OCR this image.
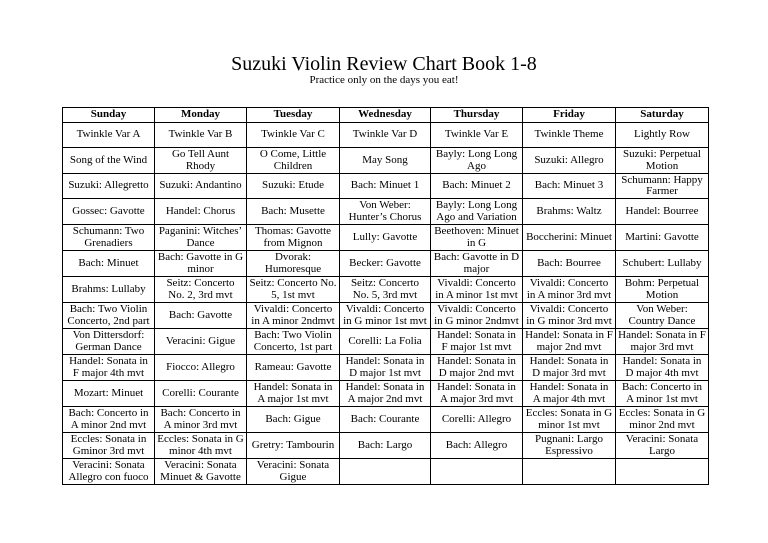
Suzuki Violin Review Chart Book 1-8
Practice only on the days you eat!
Sunday	Monday	Tuesday	Wednesday	Thursday	Friday	Saturday
Twinkle Var A	Twinkle Var B	Twinkle Var C	Twinkle Var D	Twinkle Var E	Twinkle Theme	Lightly Row
Song of the Wind	Go Tell Aunt Rhody	O Come, Little Children	May Song	Bayly: Long Long Ago	Suzuki: Allegro	Suzuki: Perpetual Motion
Suzuki: Allegretto	Suzuki: Andantino	Suzuki: Etude	Bach: Minuet 1	Bach: Minuet 2	Bach: Minuet 3	Schumann: Happy Farmer
Gossec: Gavotte	Handel: Chorus	Bach: Musette	Von Weber: Hunter’s Chorus	Bayly: Long Long Ago and Variation	Brahms: Waltz	Handel: Bourree
Schumann: Two Grenadiers	Paganini: Witches’ Dance	Thomas: Gavotte from Mignon	Lully: Gavotte	Beethoven: Minuet in G	Boccherini: Minuet	Martini: Gavotte
Bach: Minuet	Bach: Gavotte in G minor	Dvorak: Humoresque	Becker: Gavotte	Bach: Gavotte in D major	Bach: Bourree	Schubert: Lullaby
Brahms: Lullaby	Seitz: Concerto No. 2, 3rd mvt	Seitz: Concerto No. 5, 1st mvt	Seitz: Concerto No. 5, 3rd mvt	Vivaldi: Concerto in A minor 1st mvt	Vivaldi: Concerto in A minor 3rd mvt	Bohm: Perpetual Motion
Bach: Two Violin Concerto, 2nd part	Bach: Gavotte	Vivaldi: Concerto in A minor 2ndmvt	Vivaldi: Concerto in G minor 1st mvt	Vivaldi: Concerto in G minor 2ndmvt	Vivaldi: Concerto in G minor 3rd mvt	Von Weber: Country Dance
Von Dittersdorf: German Dance	Veracini: Gigue	Bach: Two Violin Concerto, 1st part	Corelli: La Folia	Handel: Sonata in F major 1st mvt	Handel: Sonata in F major 2nd mvt	Handel: Sonata in F major 3rd mvt
Handel: Sonata in F major 4th mvt	Fiocco: Allegro	Rameau: Gavotte	Handel: Sonata in D major 1st mvt	Handel: Sonata in D major 2nd mvt	Handel: Sonata in D major 3rd mvt	Handel: Sonata in D major 4th mvt
Mozart: Minuet	Corelli: Courante	Handel: Sonata in A major 1st mvt	Handel: Sonata in A major 2nd mvt	Handel: Sonata in A major 3rd mvt	Handel: Sonata in A major 4th mvt	Bach: Concerto in A minor 1st mvt
Bach: Concerto in A minor 2nd mvt	Bach: Concerto in A minor 3rd mvt	Bach: Gigue	Bach: Courante	Corelli: Allegro	Eccles: Sonata in G minor 1st mvt	Eccles: Sonata in G minor 2nd mvt
Eccles: Sonata in Gminor 3rd mvt	Eccles: Sonata in G minor 4th mvt	Gretry: Tambourin	Bach: Largo	Bach: Allegro	Pugnani: Largo Espressivo	Veracini: Sonata Largo
Veracini: Sonata Allegro con fuoco	Veracini: Sonata Minuet & Gavotte	Veracini: Sonata Gigue				
